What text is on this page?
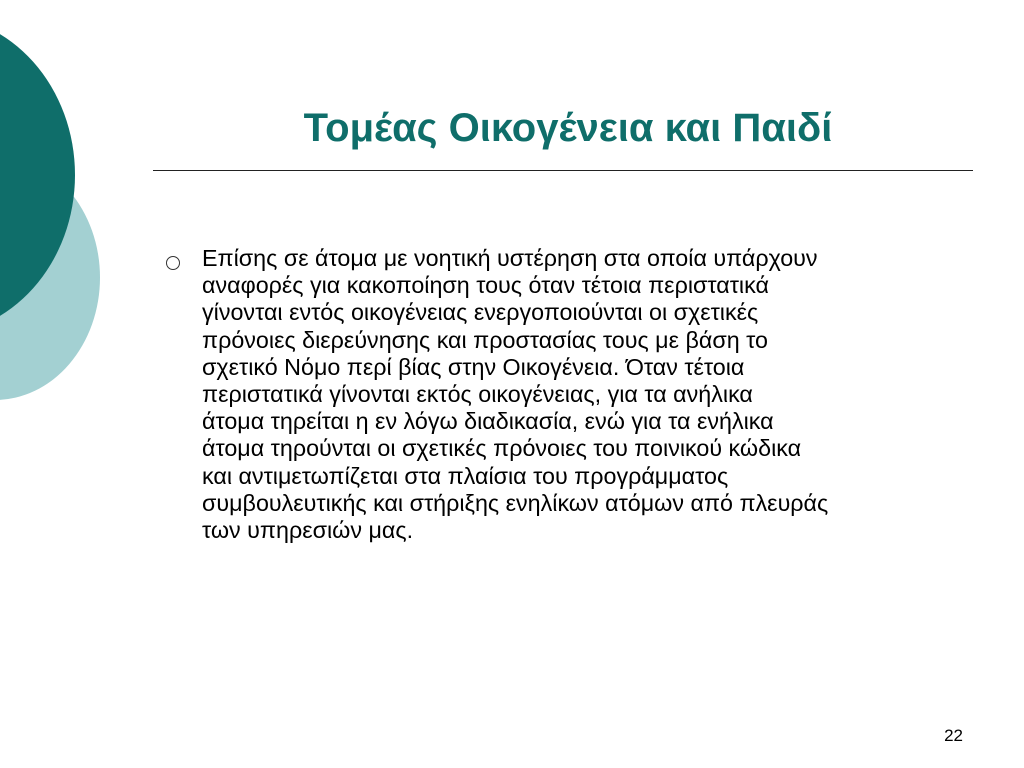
Τομέας Οικογένεια και Παιδί

Επίσης σε άτομα με νοητική υστέρηση στα οποία υπάρχουν
αναφορές για κακοποίηση τους όταν τέτοια περιστατικά
γίνονται εντός οικογένειας ενεργοποιούνται οι σχετικές
πρόνοιες διερεύνησης και προστασίας τους με βάση το
σχετικό Νόμο περί βίας στην Οικογένεια. Όταν τέτοια
περιστατικά γίνονται εκτός οικογένειας, για τα ανήλικα
άτομα τηρείται η εν λόγω διαδικασία, ενώ για τα ενήλικα
άτομα τηρούνται οι σχετικές πρόνοιες του ποινικού κώδικα
και αντιμετωπίζεται στα πλαίσια του προγράμματος
συμβουλευτικής και στήριξης ενηλίκων ατόμων από πλευράς
των υπηρεσιών μας.

22
